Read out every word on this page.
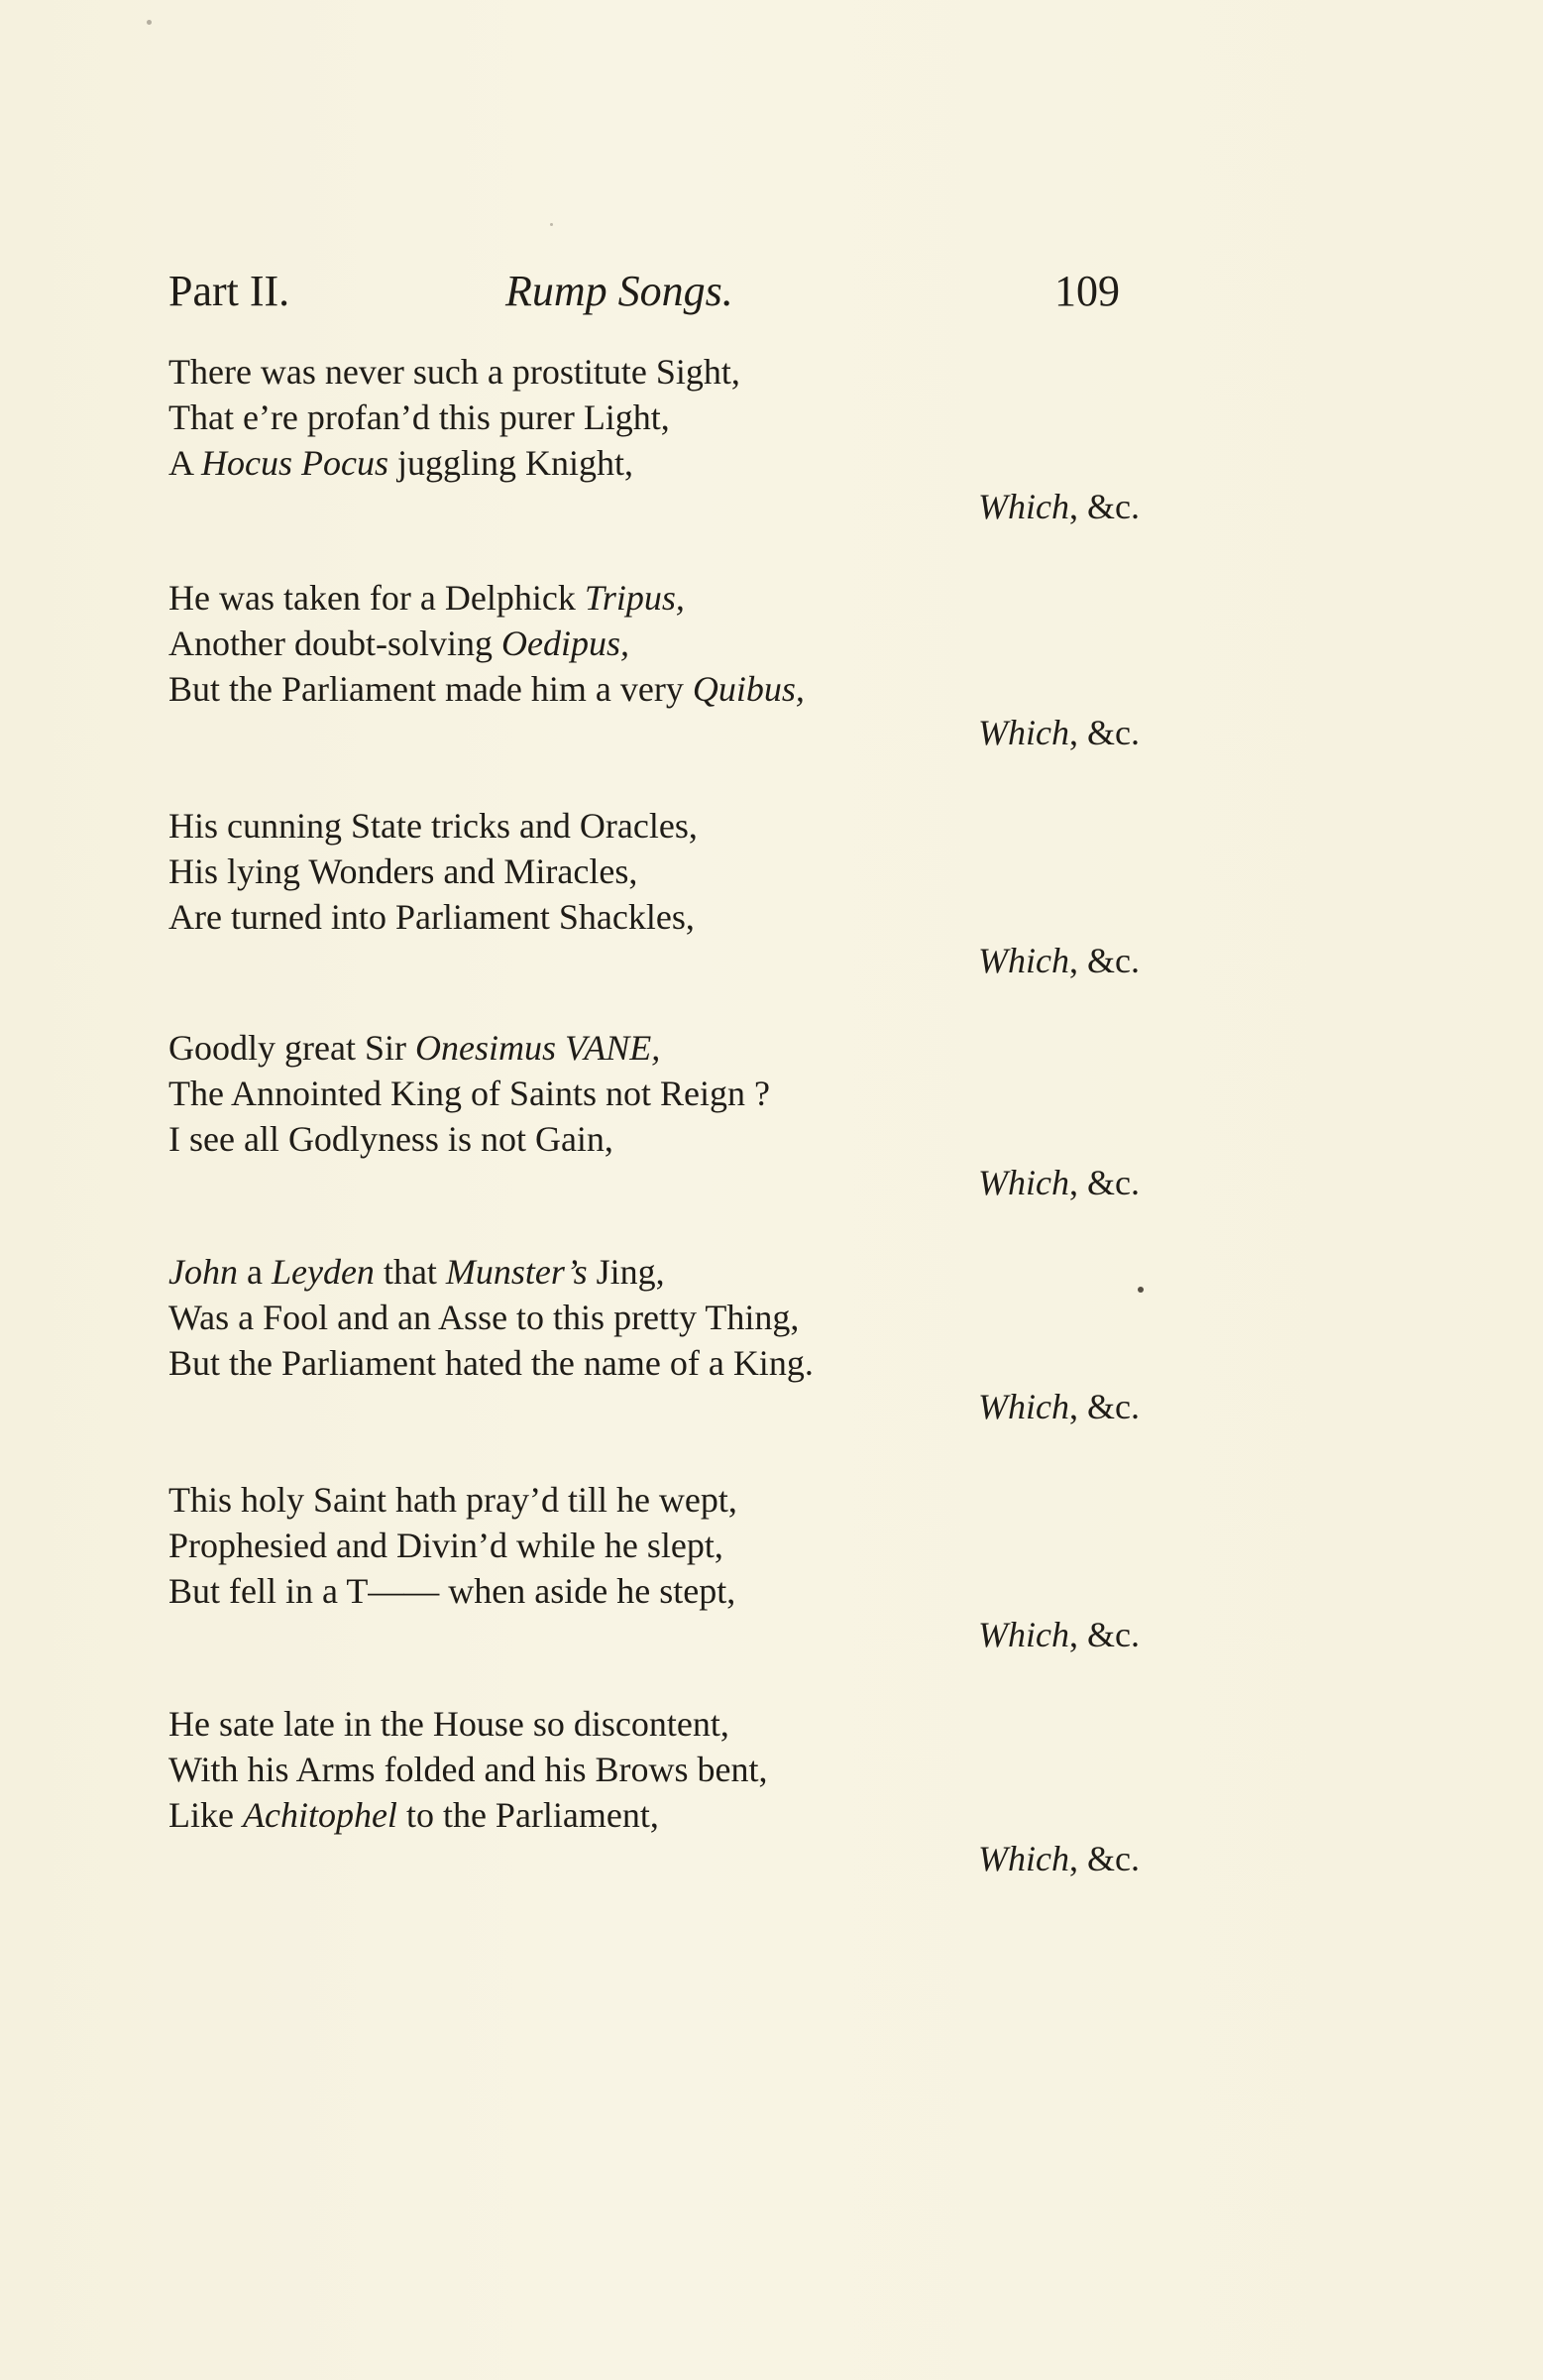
Part II.	Rump Songs.	109
There was never such a prostitute Sight,
That e’re profan’d this purer Light,
A Hocus Pocus juggling Knight,
Which, &c.
He was taken for a Delphick Tripus,
Another doubt-solving Oedipus,
But the Parliament made him a very Quibus,
Which, &c.
His cunning State tricks and Oracles,
His lying Wonders and Miracles,
Are turned into Parliament Shackles,
Which, &c.
Goodly great Sir Onesimus VANE,
The Annointed King of Saints not Reign ?
I see all Godlyness is not Gain,
Which, &c.
John a Leyden that Munster’s Jing,
Was a Fool and an Asse to this pretty Thing,
But the Parliament hated the name of a King.
Which, &c.
This holy Saint hath pray’d till he wept,
Prophesied and Divin’d while he slept,
But fell in a T—— when aside he stept,
Which, &c.
He sate late in the House so discontent,
With his Arms folded and his Brows bent,
Like Achitophel to the Parliament,
Which, &c.
